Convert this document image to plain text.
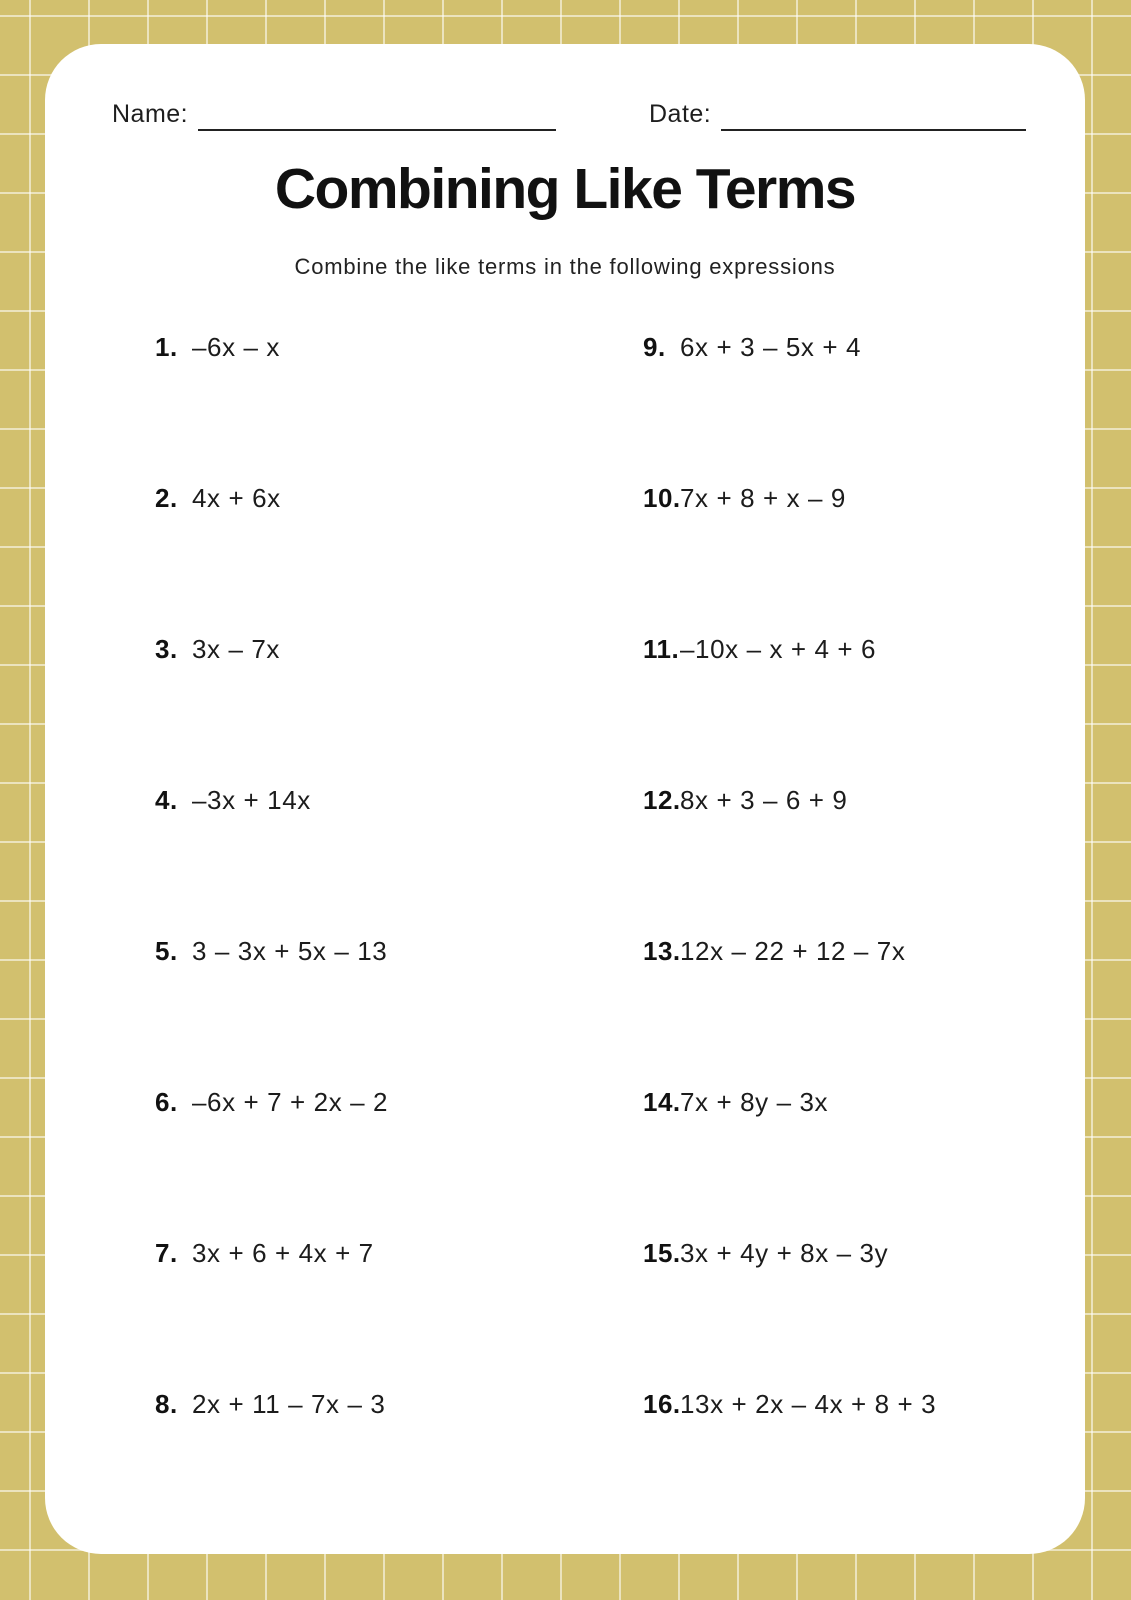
Name:	Date:
Combining Like Terms
Combine the like terms in the following expressions
1. –6x – x
2. 4x + 6x
3. 3x – 7x
4. –3x + 14x
5. 3 – 3x + 5x – 13
6. –6x + 7 + 2x – 2
7. 3x + 6 + 4x + 7
8. 2x + 11 – 7x – 3
9. 6x + 3 – 5x + 4
10. 7x + 8 + x – 9
11. –10x – x + 4 + 6
12. 8x + 3 – 6 + 9
13. 12x – 22 + 12 – 7x
14. 7x + 8y – 3x
15. 3x + 4y + 8x – 3y
16. 13x + 2x – 4x + 8 + 3
